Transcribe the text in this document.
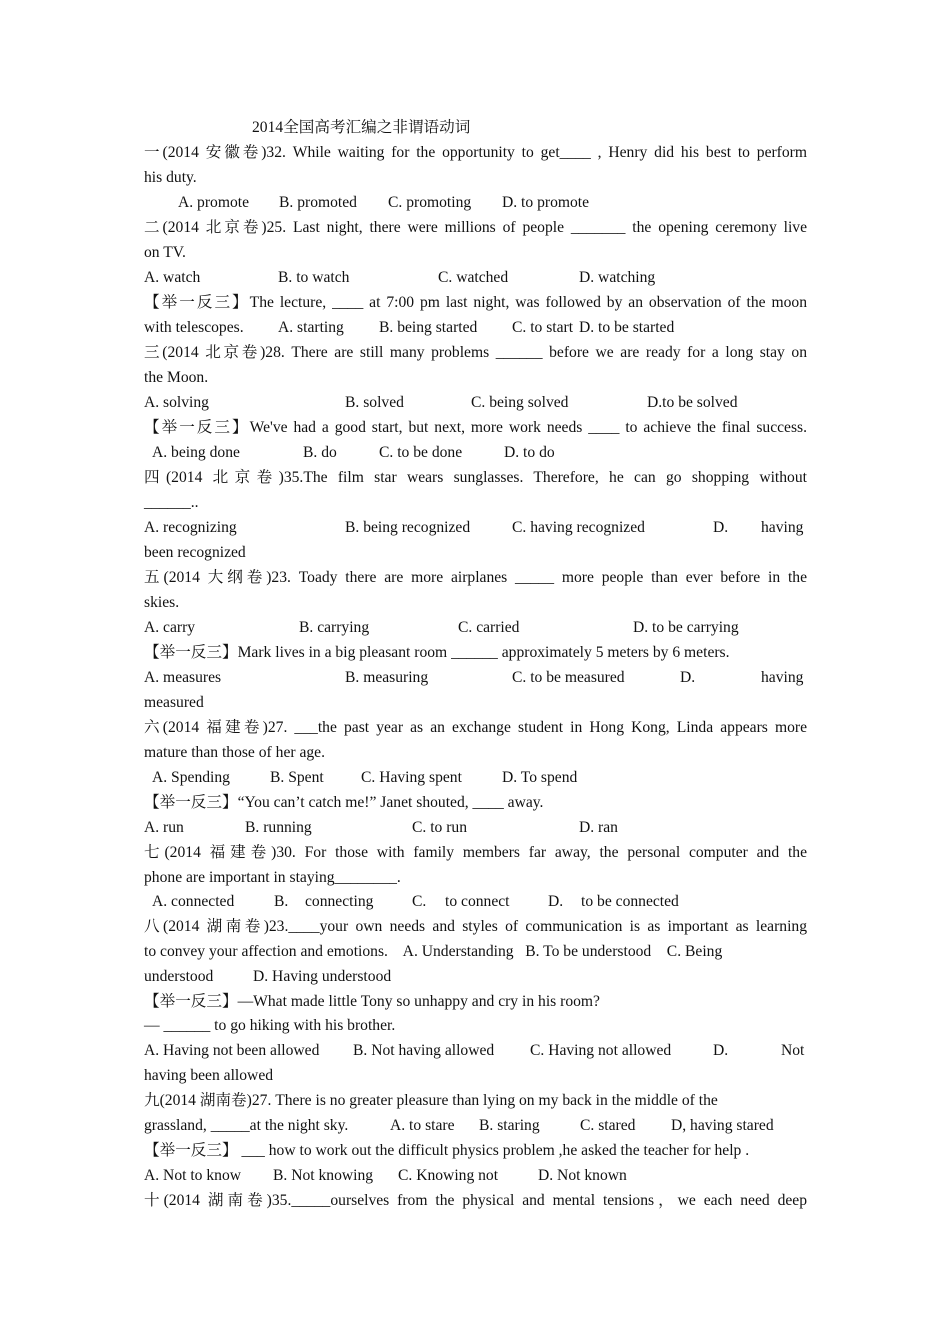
2014全国高考汇编之非谓语动词
一(2014 安徽卷)32. While waiting for the opportunity to get____ , Henry did his best to perform
his duty.
A. promote B. promoted C. promoting D. to promote
二(2014 北京卷)25. Last night, there were millions of people _______ the opening ceremony live
on TV.
A. watch	B. to watch	C. watched	D. watching
【举一反三】The lecture, ____ at 7:00 pm last night, was followed by an observation of the moon
with telescopes. A. starting B. being started C. to start D. to be started
三(2014 北京卷)28. There are still many problems ______ before we are ready for a long stay on
the Moon.
A. solving	B. solved	C. being solved	D.to be solved
【举一反三】We've had a good start, but next, more work needs ____ to achieve the final success.
A. being done	B. do	C. to be done	D. to do
四(2014 北京卷)35.The film star wears sunglasses. Therefore, he can go shopping without
______..
A. recognizing	B. being recognized	C. having recognized	D. having
been recognized
五(2014 大纲卷)23. Toady there are more airplanes _____ more people than ever before in the
skies.
A. carry	B. carrying	C. carried	D. to be carrying
【举一反三】Mark lives in a big pleasant room ______ approximately 5 meters by 6 meters.
A. measures	B. measuring	C. to be measured	D.	having
measured
六(2014 福建卷)27. ___the past year as an exchange student in Hong Kong, Linda appears more
mature than those of her age.
A. Spending	B. Spent C. Having spent	D. To spend
【举一反三】“You can’t catch me!” Janet shouted, ____ away.
A. run	B. running	C. to run	D. ran
七(2014 福建卷)30. For those with family members far away, the personal computer and the
phone are important in staying________.
A. connected	B. connecting C. to connect D. to be connected
八(2014 湖南卷)23.____your own needs and styles of communication is as important as learning
to convey your affection and emotions.    A. Understanding   B. To be understood    C. Being
understood	D. Having understood
【举一反三】—What made little Tony so unhappy and cry in his room?
— ______ to go hiking with his brother.
A. Having not been allowed B. Not having allowed C. Having not allowed	D.	Not
having been allowed
九(2014 湖南卷)27. There is no greater pleasure than lying on my back in the middle of the
grassland, _____at the night sky.	A. to stare B. staring	C. stared D, having stared
【举一反三】 ___ how to work out the difficult physics problem ,he asked the teacher for help .
A. Not to know B. Not knowing C. Knowing not	D. Not known
十(2014 湖南卷)35._____ourselves from the physical and mental tensions，we each need deep
